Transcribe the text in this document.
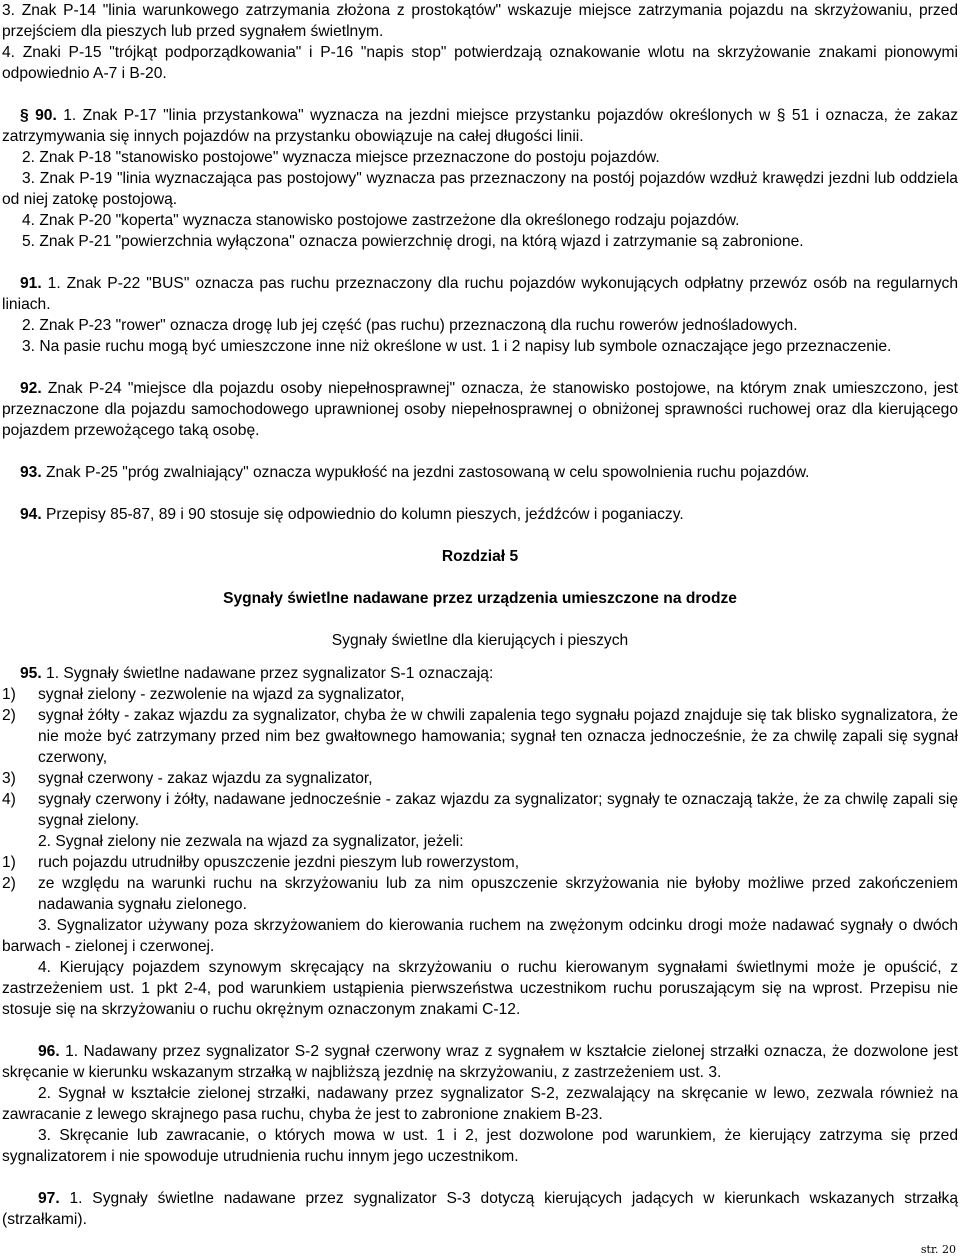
3. Znak P-14 "linia warunkowego zatrzymania złożona z prostokątów" wskazuje miejsce zatrzymania pojazdu na skrzyżowaniu, przed przejściem dla pieszych lub przed sygnałem świetlnym.

4. Znaki P-15 "trójkąt podporządkowania" i P-16 "napis stop" potwierdzają oznakowanie wlotu na skrzyżowanie znakami pionowymi odpowiednio A-7 i B-20.

§ 90. 1. Znak P-17 "linia przystankowa" wyznacza na jezdni miejsce przystanku pojazdów określonych w § 51 i oznacza, że zakaz zatrzymywania się innych pojazdów na przystanku obowiązuje na całej długości linii.

2. Znak P-18 "stanowisko postojowe" wyznacza miejsce przeznaczone do postoju pojazdów.

3. Znak P-19 "linia wyznaczająca pas postojowy" wyznacza pas przeznaczony na postój pojazdów wzdłuż krawędzi jezdni lub oddziela od niej zatokę postojową.

4. Znak P-20 "koperta" wyznacza stanowisko postojowe zastrzeżone dla określonego rodzaju pojazdów.

5. Znak P-21 "powierzchnia wyłączona" oznacza powierzchnię drogi, na którą wjazd i zatrzymanie są zabronione.

91. 1. Znak P-22 "BUS" oznacza pas ruchu przeznaczony dla ruchu pojazdów wykonujących odpłatny przewóz osób na regularnych liniach.

2. Znak P-23 "rower" oznacza drogę lub jej część (pas ruchu) przeznaczoną dla ruchu rowerów jednośladowych.

3. Na pasie ruchu mogą być umieszczone inne niż określone w ust. 1 i 2 napisy lub symbole oznaczające jego przeznaczenie.

92. Znak P-24 "miejsce dla pojazdu osoby niepełnosprawnej" oznacza, że stanowisko postojowe, na którym znak umieszczono, jest przeznaczone dla pojazdu samochodowego uprawnionej osoby niepełnosprawnej o obniżonej sprawności ruchowej oraz dla kierującego pojazdem przewożącego taką osobę.

93. Znak P-25 "próg zwalniający" oznacza wypukłość na jezdni zastosowaną w celu spowolnienia ruchu pojazdów.

94. Przepisy 85-87, 89 i 90 stosuje się odpowiednio do kolumn pieszych, jeźdźców i poganiaczy.

Rozdział 5

Sygnały świetlne nadawane przez urządzenia umieszczone na drodze

Sygnały świetlne dla kierujących i pieszych

95. 1. Sygnały świetlne nadawane przez sygnalizator S-1 oznaczają:

1)	sygnał zielony - zezwolenie na wjazd za sygnalizator,
2)	sygnał żółty - zakaz wjazdu za sygnalizator, chyba że w chwili zapalenia tego sygnału pojazd znajduje się tak blisko sygnalizatora, że nie może być zatrzymany przed nim bez gwałtownego hamowania; sygnał ten oznacza jednocześnie, że za chwilę zapali się sygnał czerwony,
3)	sygnał czerwony - zakaz wjazdu za sygnalizator,
4)	sygnały czerwony i żółty, nadawane jednocześnie - zakaz wjazdu za sygnalizator; sygnały te oznaczają także, że za chwilę zapali się sygnał zielony.

2. Sygnał zielony nie zezwala na wjazd za sygnalizator, jeżeli:

1)	ruch pojazdu utrudniłby opuszczenie jezdni pieszym lub rowerzystom,
2)	ze względu na warunki ruchu na skrzyżowaniu lub za nim opuszczenie skrzyżowania nie byłoby możliwe przed zakończeniem nadawania sygnału zielonego.

3. Sygnalizator używany poza skrzyżowaniem do kierowania ruchem na zwężonym odcinku drogi może nadawać sygnały o dwóch barwach - zielonej i czerwonej.

4. Kierujący pojazdem szynowym skręcający na skrzyżowaniu o ruchu kierowanym sygnałami świetlnymi może je opuścić, z zastrzeżeniem ust. 1 pkt 2-4, pod warunkiem ustąpienia pierwszeństwa uczestnikom ruchu poruszającym się na wprost. Przepisu nie stosuje się na skrzyżowaniu o ruchu okrężnym oznaczonym znakami C-12.

96. 1. Nadawany przez sygnalizator S-2 sygnał czerwony wraz z sygnałem w kształcie zielonej strzałki oznacza, że dozwolone jest skręcanie w kierunku wskazanym strzałką w najbliższą jezdnię na skrzyżowaniu, z zastrzeżeniem ust. 3.

2. Sygnał w kształcie zielonej strzałki, nadawany przez sygnalizator S-2, zezwalający na skręcanie w lewo, zezwala również na zawracanie z lewego skrajnego pasa ruchu, chyba że jest to zabronione znakiem B-23.

3. Skręcanie lub zawracanie, o których mowa w ust. 1 i 2, jest dozwolone pod warunkiem, że kierujący zatrzyma się przed sygnalizatorem i nie spowoduje utrudnienia ruchu innym jego uczestnikom.

97. 1. Sygnały świetlne nadawane przez sygnalizator S-3 dotyczą kierujących jadących w kierunkach wskazanych strzałką (strzałkami).

str. 20
